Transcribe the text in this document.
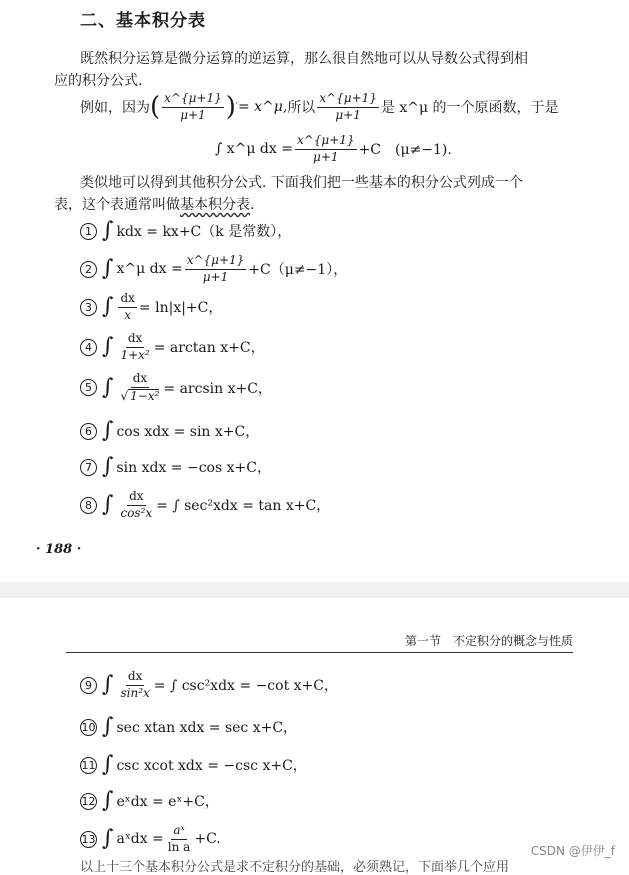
二、基本积分表
既然积分运算是微分运算的逆运算，那么很自然地可以从导数公式得到相
应的积分公式.
例如，因为 ( $\frac{x\^{}\{\mu+1\}}{\mu+1}$ ) ′ = x^μ, 所以 $\frac{x\^{}\{\mu+1\}}{\mu+1}$ 是 x^μ 的一个原函数，于是
∫ x^μ dx = $\frac{x\^{}\{\mu+1\}}{\mu+1} +C$　(μ≠−1).
类似地可以得到其他积分公式. 下面我们把一些基本的积分公式列成一个
表，这个表通常叫做基本积分表.
1 ∫ kdx = kx+C（k 是常数），
2 ∫ x^μ dx = $\frac{x\^{}\{\mu+1\}}{\mu+1} +C(\mu\ne-1)$，
3 ∫ $\frac{dx}{x} = \ln|x|+C$，
4 ∫ $\frac{dx}{\text{1+x²}} = \arctan x+C$，
5 ∫ $\frac{dx}{\text{√ 1−x²}} = \arcsin x+C$，
6 ∫ cos xdx = sin x+C，
7 ∫ sin xdx = −cos x+C，
8 ∫ $\frac{dx}{\text{cos²x}}$ = ∫ sec²xdx = tan x+C，
· 188 ·
第一节　不定积分的概念与性质
9 ∫ $\frac{dx}{\text{sin²x}}$ = ∫ csc²xdx = −cot x+C，
10 ∫ sec xtan xdx = sec x+C，
11 ∫ csc xcot xdx = −csc x+C，
12 ∫ eˣdx = eˣ+C，
13 ∫ aˣdx = $\frac{\text{aˣ}}{\text{ln a}} +C$.
CSDN @伊伊_f
以上十三个基本积分公式是求不定积分的基础，必须熟记，下面举几个应用
